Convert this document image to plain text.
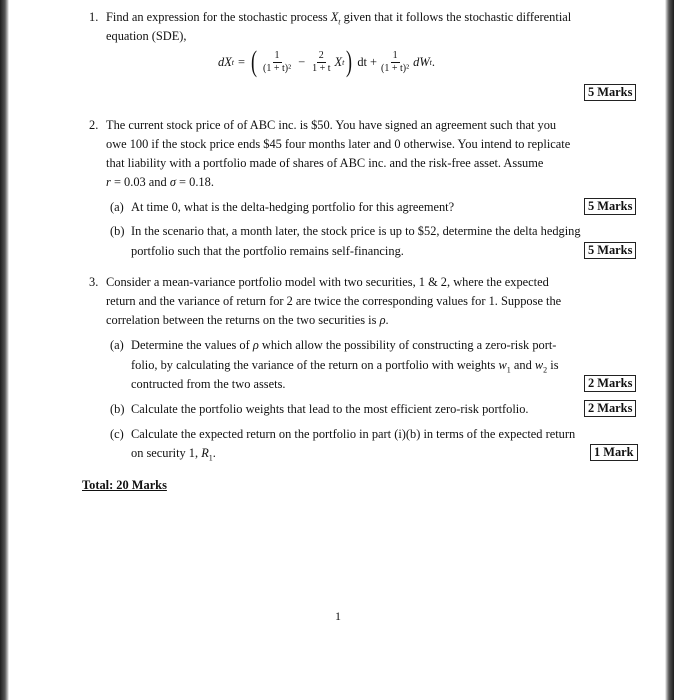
1. Find an expression for the stochastic process $X_t$ given that it follows the stochastic differential
equation (SDE),
dX t = ( $\frac{1}{\text{(1 + t)²}} - \frac{2}{1 + t}$ X t ) dt + $\frac{1}{\text{(1 + t)²}}$ dW t .
5 Marks
2. The current stock price of of ABC inc. is $50. You have signed an agreement such that you
owe 100 if the stock price ends $45 four months later and 0 otherwise. You intend to replicate
that liability with a portfolio made of shares of ABC inc. and the risk-free asset. Assume
r = 0.03 and σ = 0.18.
(a) At time 0, what is the delta-hedging portfolio for this agreement?	5 Marks
(b) In the scenario that, a month later, the stock price is up to $52, determine the delta hedging
portfolio such that the portfolio remains self-financing.	5 Marks
3. Consider a mean-variance portfolio model with two securities, 1 & 2, where the expected
return and the variance of return for 2 are twice the corresponding values for 1. Suppose the
correlation between the returns on the two securities is ρ.
(a) Determine the values of ρ which allow the possibility of constructing a zero-risk port-
folio, by calculating the variance of the return on a portfolio with weights $w_1$ and $w_2$ is
contructed from the two assets.	2 Marks
(b) Calculate the portfolio weights that lead to the most efficient zero-risk portfolio.	2 Marks
(c) Calculate the expected return on the portfolio in part (i)(b) in terms of the expected return
on security 1, $R_1$.	1 Mark
Total: 20 Marks
1
